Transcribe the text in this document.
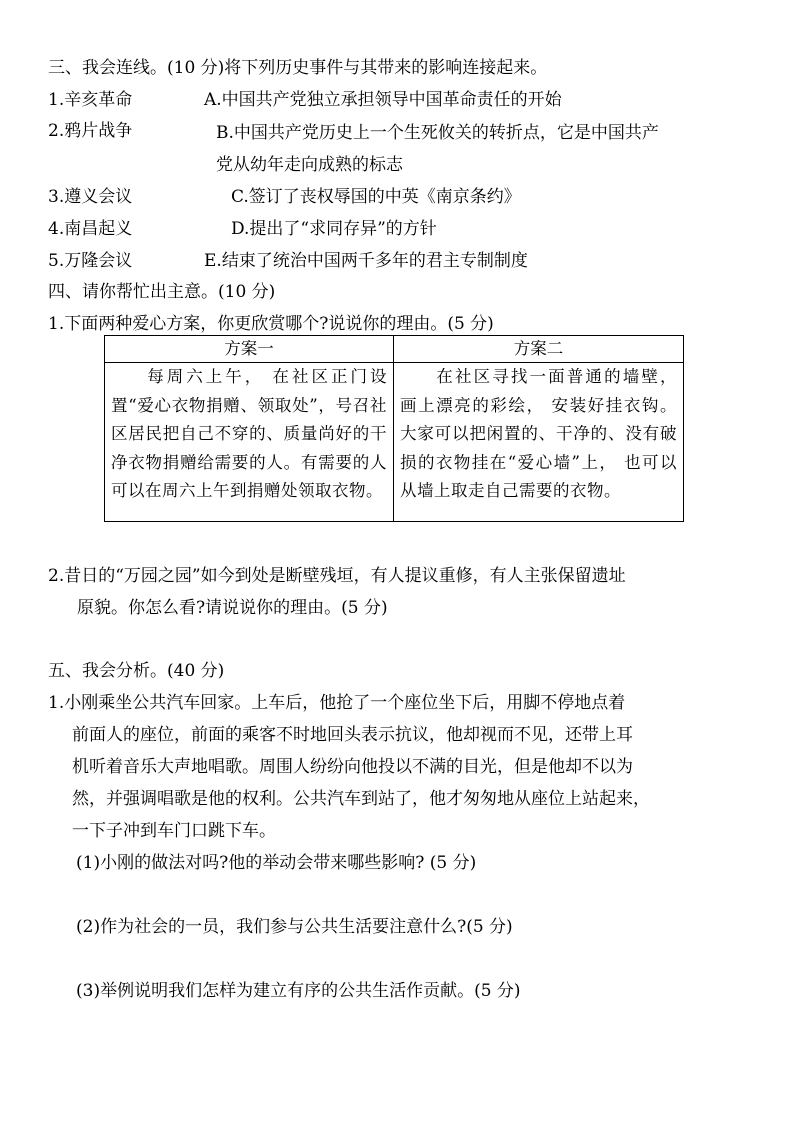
三、我会连线。(10 分)将下列历史事件与其带来的影响连接起来。
1.辛亥革命	A.中国共产党独立承担领导中国革命责任的开始
2.鸦片战争	B.中国共产党历史上一个生死攸关的转折点，它是中国共产
党从幼年走向成熟的标志
3.遵义会议	C.签订了丧权辱国的中英《南京条约》
4.南昌起义	D.提出了“求同存异”的方针
5.万隆会议	E.结束了统治中国两千多年的君主专制制度
四、请你帮忙出主意。(10 分)
1.下面两种爱心方案，你更欣赏哪个?说说你的理由。(5 分)
方案一	方案二

每周六上午， 在社区正门设置“爱心衣物捐赠、领取处”，号召社区居民把自己不穿的、质量尚好的干净衣物捐赠给需要的人。有需要的人可以在周六上午到捐赠处领取衣物。	在社区寻找一面普通的墙壁， 画上漂亮的彩绘， 安装好挂衣钩。大家可以把闲置的、干净的、没有破损的衣物挂在“爱心墙”上， 也可以从墙上取走自己需要的衣物。

2.昔日的“万园之园”如今到处是断壁残垣，有人提议重修，有人主张保留遗址
原貌。你怎么看?请说说你的理由。(5 分)
五、我会分析。(40 分)
1.小刚乘坐公共汽车回家。上车后，他抢了一个座位坐下后，用脚不停地点着
前面人的座位，前面的乘客不时地回头表示抗议，他却视而不见，还带上耳
机听着音乐大声地唱歌。周围人纷纷向他投以不满的目光，但是他却不以为
然，并强调唱歌是他的权利。公共汽车到站了，他才匆匆地从座位上站起来，
一下子冲到车门口跳下车。
(1)小刚的做法对吗?他的举动会带来哪些影响? (5 分)
(2)作为社会的一员，我们参与公共生活要注意什么?(5 分)
(3)举例说明我们怎样为建立有序的公共生活作贡献。(5 分)
